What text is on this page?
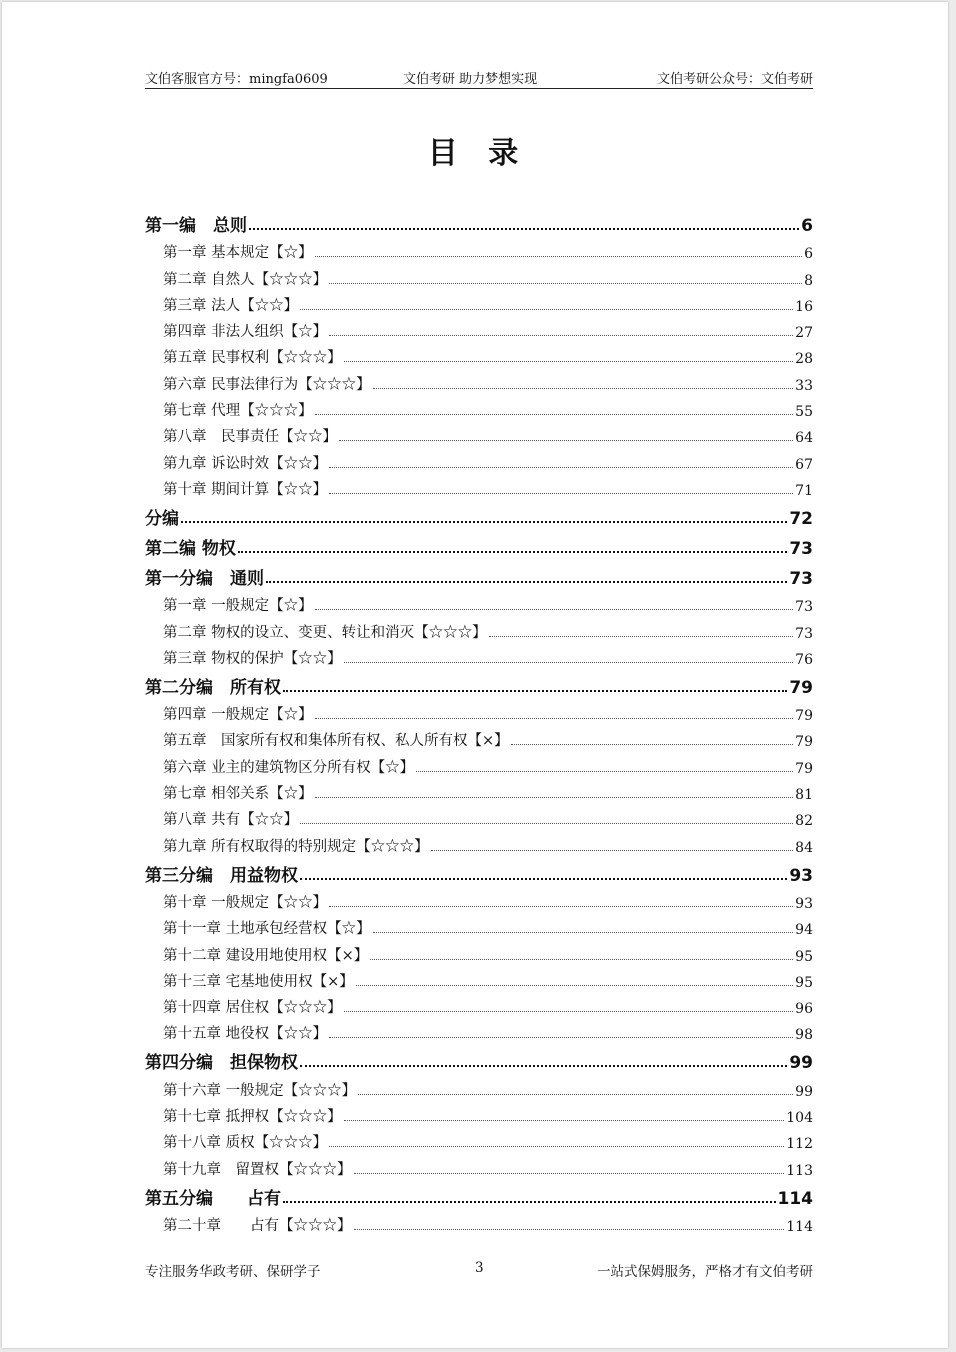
文伯客服官方号：mingfa0609	文伯考研 助力梦想实现	文伯考研公众号：文伯考研
目 录
第一编　总则	6
第一章 基本规定【☆】	6
第二章 自然人【☆☆☆】	8
第三章 法人【☆☆】	16
第四章 非法人组织【☆】	27
第五章 民事权利【☆☆☆】	28
第六章 民事法律行为【☆☆☆】	33
第七章 代理【☆☆☆】	55
第八章　民事责任【☆☆】	64
第九章 诉讼时效【☆☆】	67
第十章 期间计算【☆☆】	71
分编	72
第二编 物权	73
第一分编　通则	73
第一章 一般规定【☆】	73
第二章 物权的设立、变更、转让和消灭【☆☆☆】	73
第三章 物权的保护【☆☆】	76
第二分编　所有权	79
第四章 一般规定【☆】	79
第五章　国家所有权和集体所有权、私人所有权【×】	79
第六章 业主的建筑物区分所有权【☆】	79
第七章 相邻关系【☆】	81
第八章 共有【☆☆】	82
第九章 所有权取得的特别规定【☆☆☆】	84
第三分编　用益物权	93
第十章 一般规定【☆☆】	93
第十一章 土地承包经营权【☆】	94
第十二章 建设用地使用权【×】	95
第十三章 宅基地使用权【×】	95
第十四章 居住权【☆☆☆】	96
第十五章 地役权【☆☆】	98
第四分编　担保物权	99
第十六章 一般规定【☆☆☆】	99
第十七章 抵押权【☆☆☆】	104
第十八章 质权【☆☆☆】	112
第十九章　留置权【☆☆☆】	113
第五分编　　占有	114
第二十章　　占有【☆☆☆】	114
专注服务华政考研、保研学子	3	一站式保姆服务，严格才有文伯考研
